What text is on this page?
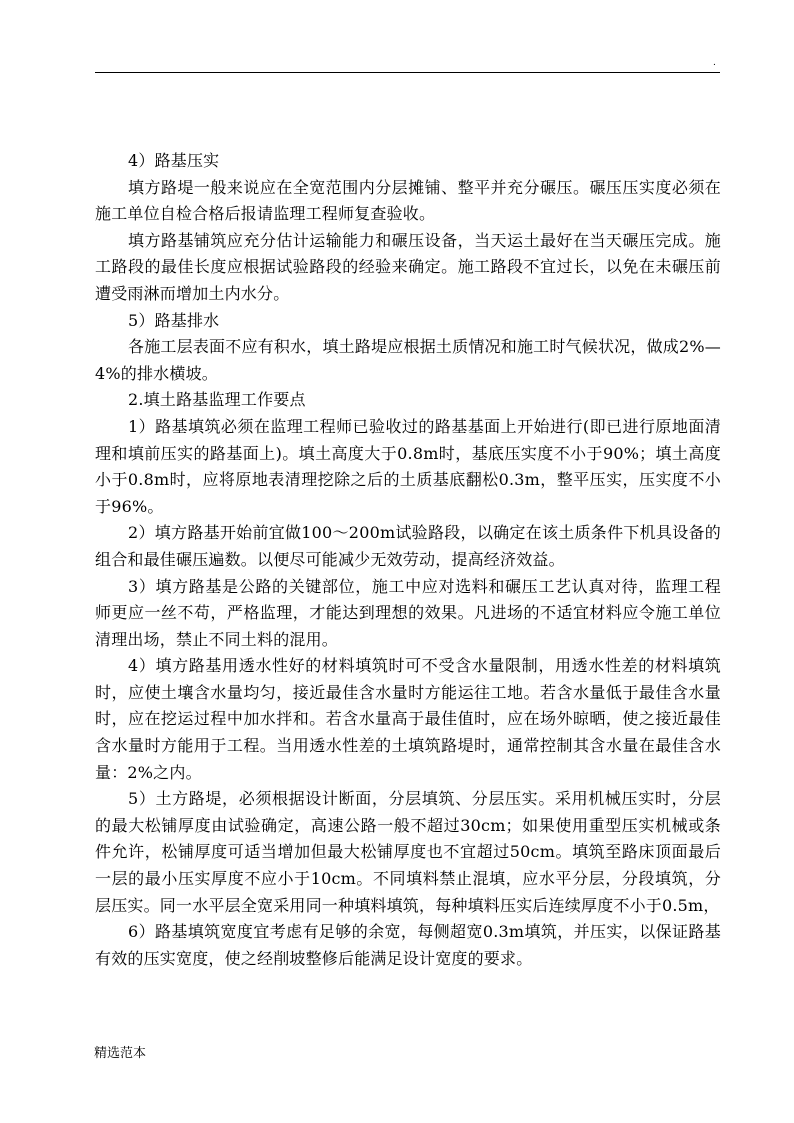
.

4）路基压实

填方路堤一般来说应在全宽范围内分层摊铺、整平并充分碾压。碾压压实度必须在施工单位自检合格后报请监理工程师复查验收。

填方路基铺筑应充分估计运输能力和碾压设备，当天运土最好在当天碾压完成。施工路段的最佳长度应根据试验路段的经验来确定。施工路段不宜过长，以免在未碾压前遭受雨淋而增加土内水分。

5）路基排水

各施工层表面不应有积水，填土路堤应根据土质情况和施工时气候状况，做成2%—4%的排水横坡。

2.填土路基监理工作要点

1）路基填筑必须在监理工程师已验收过的路基基面上开始进行(即已进行原地面清理和填前压实的路基面上)。填土高度大于0.8m时，基底压实度不小于90%；填土高度小于0.8m时，应将原地表清理挖除之后的土质基底翻松0.3m，整平压实，压实度不小于96%。

2）填方路基开始前宜做100～200m试验路段，以确定在该土质条件下机具设备的组合和最佳碾压遍数。以便尽可能减少无效劳动，提高经济效益。

3）填方路基是公路的关键部位，施工中应对选料和碾压工艺认真对待，监理工程师更应一丝不苟，严格监理，才能达到理想的效果。凡进场的不适宜材料应令施工单位清理出场，禁止不同土料的混用。

4）填方路基用透水性好的材料填筑时可不受含水量限制，用透水性差的材料填筑时，应使土壤含水量均匀，接近最佳含水量时方能运往工地。若含水量低于最佳含水量时，应在挖运过程中加水拌和。若含水量高于最佳值时，应在场外晾晒，使之接近最佳含水量时方能用于工程。当用透水性差的土填筑路堤时，通常控制其含水量在最佳含水量：2%之内。

5）土方路堤，必须根据设计断面，分层填筑、分层压实。采用机械压实时，分层的最大松铺厚度由试验确定，高速公路一般不超过30cm；如果使用重型压实机械或条件允许，松铺厚度可适当增加但最大松铺厚度也不宜超过50cm。填筑至路床顶面最后一层的最小压实厚度不应小于10cm。不同填料禁止混填，应水平分层，分段填筑，分层压实。同一水平层全宽采用同一种填料填筑，每种填料压实后连续厚度不小于0.5m，

6）路基填筑宽度宜考虑有足够的余宽，每侧超宽0.3m填筑，并压实，以保证路基有效的压实宽度，使之经削坡整修后能满足设计宽度的要求。

精选范本
